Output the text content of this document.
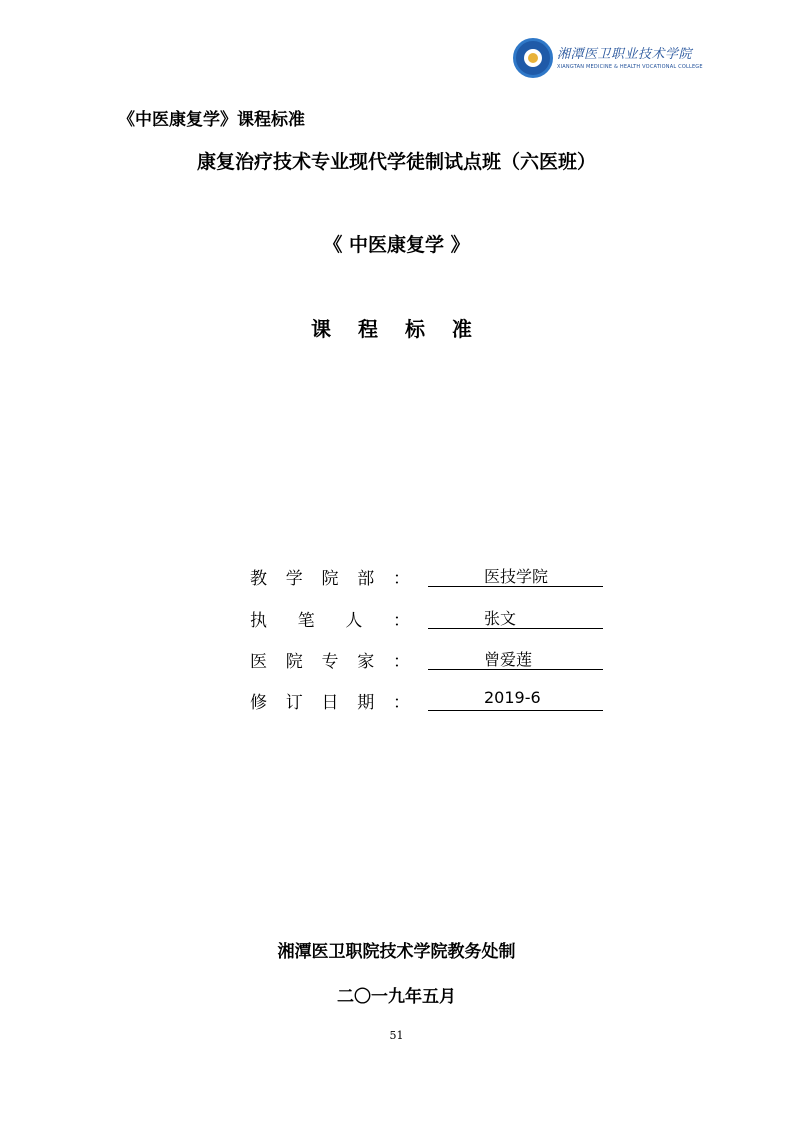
湘潭医卫职业技术学院
XIANGTAN MEDICINE & HEALTH VOCATIONAL COLLEGE
《中医康复学》课程标准
康复治疗技术专业现代学徒制试点班（六医班）
《 中医康复学 》
课 程 标 准
教学院部：	医技学院
执笔人：	张文
医院专家：	曾爱莲
修订日期：	2019-6
湘潭医卫职院技术学院教务处制
二〇一九年五月
51
